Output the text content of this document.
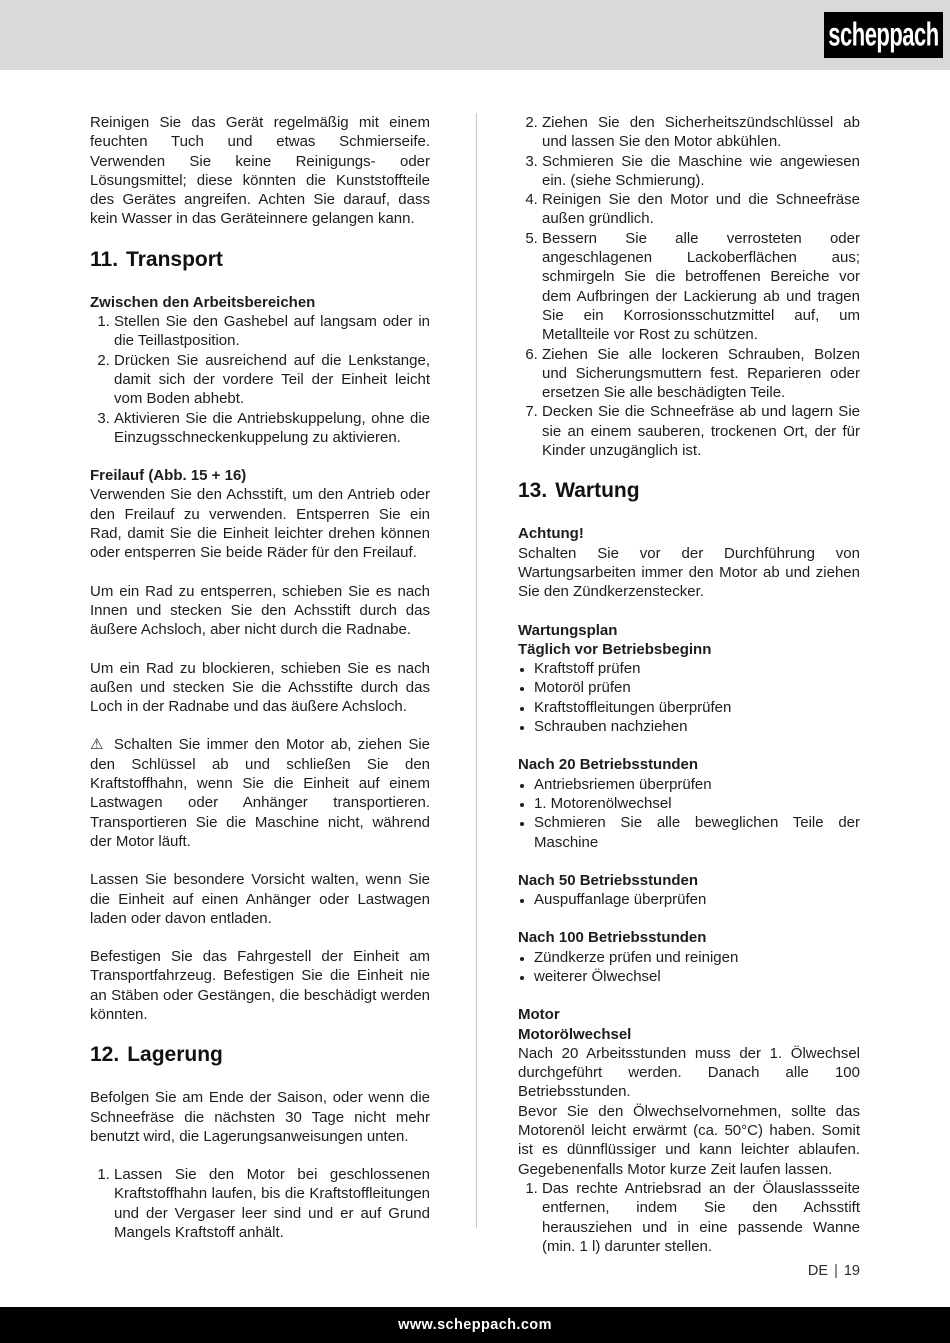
scheppach

Reinigen Sie das Gerät regelmäßig mit einem feuchten Tuch und etwas Schmierseife. Verwenden Sie keine Reinigungs- oder Lösungsmittel; diese könnten die Kunststoffteile des Gerätes angreifen. Achten Sie darauf, dass kein Wasser in das Geräteinnere gelangen kann.

11. Transport
Zwischen den Arbeitsbereichen
1. Stellen Sie den Gashebel auf langsam oder in die Teillastposition.
2. Drücken Sie ausreichend auf die Lenkstange, damit sich der vordere Teil der Einheit leicht vom Boden abhebt.
3. Aktivieren Sie die Antriebskuppelung, ohne die Einzugsschneckenkuppelung zu aktivieren.
Freilauf (Abb. 15 + 16)

Verwenden Sie den Achsstift, um den Antrieb oder den Freilauf zu verwenden. Entsperren Sie ein Rad, damit Sie die Einheit leichter drehen können oder entsperren Sie beide Räder für den Freilauf.

Um ein Rad zu entsperren, schieben Sie es nach Innen und stecken Sie den Achsstift durch das äußere Achsloch, aber nicht durch die Radnabe.

Um ein Rad zu blockieren, schieben Sie es nach außen und stecken Sie die Achsstifte durch das Loch in der Radnabe und das äußere Achsloch.

⚠ Schalten Sie immer den Motor ab, ziehen Sie den Schlüssel ab und schließen Sie den Kraftstoffhahn, wenn Sie die Einheit auf einem Lastwagen oder Anhänger transportieren. Transportieren Sie die Maschine nicht, während der Motor läuft.

Lassen Sie besondere Vorsicht walten, wenn Sie die Einheit auf einen Anhänger oder Lastwagen laden oder davon entladen.

Befestigen Sie das Fahrgestell der Einheit am Transportfahrzeug. Befestigen Sie die Einheit nie an Stäben oder Gestängen, die beschädigt werden könnten.

12. Lagerung

Befolgen Sie am Ende der Saison, oder wenn die Schneefräse die nächsten 30 Tage nicht mehr benutzt wird, die Lagerungsanweisungen unten.

1. Lassen Sie den Motor bei geschlossenen Kraftstoffhahn laufen, bis die Kraftstoffleitungen und der Vergaser leer sind und er auf Grund Mangels Kraftstoff anhält.
2. Ziehen Sie den Sicherheitszündschlüssel ab und lassen Sie den Motor abkühlen.
3. Schmieren Sie die Maschine wie angewiesen ein. (siehe Schmierung).
4. Reinigen Sie den Motor und die Schneefräse außen gründlich.
5. Bessern Sie alle verrosteten oder angeschlagenen Lackoberflächen aus; schmirgeln Sie die betroffenen Bereiche vor dem Aufbringen der Lackierung ab und tragen Sie ein Korrosionsschutzmittel auf, um Metallteile vor Rost zu schützen.
6. Ziehen Sie alle lockeren Schrauben, Bolzen und Sicherungsmuttern fest. Reparieren oder ersetzen Sie alle beschädigten Teile.
7. Decken Sie die Schneefräse ab und lagern Sie sie an einem sauberen, trockenen Ort, der für Kinder unzugänglich ist.
13. Wartung
Achtung!

Schalten Sie vor der Durchführung von Wartungsarbeiten immer den Motor ab und ziehen Sie den Zündkerzenstecker.

Wartungsplan
Täglich vor Betriebsbeginn
• Kraftstoff prüfen
• Motoröl prüfen
• Kraftstoffleitungen überprüfen
• Schrauben nachziehen
Nach 20 Betriebsstunden
• Antriebsriemen überprüfen
• 1. Motorenölwechsel
• Schmieren Sie alle beweglichen Teile der Maschine
Nach 50 Betriebsstunden
• Auspuffanlage überprüfen
Nach 100 Betriebsstunden
• Zündkerze prüfen und reinigen
• weiterer Ölwechsel
Motor
Motorölwechsel

Nach 20 Arbeitsstunden muss der 1. Ölwechsel durchgeführt werden. Danach alle 100 Betriebsstunden.

Bevor Sie den Ölwechselvornehmen, sollte das Motorenöl leicht erwärmt (ca. 50°C) haben. Somit ist es dünnflüssiger und kann leichter ablaufen. Gegebenenfalls Motor kurze Zeit laufen lassen.

1. Das rechte Antriebsrad an der Ölauslassseite entfernen, indem Sie den Achsstift herausziehen und in eine passende Wanne (min. 1 l) darunter stellen.
DE | 19
www.scheppach.com
